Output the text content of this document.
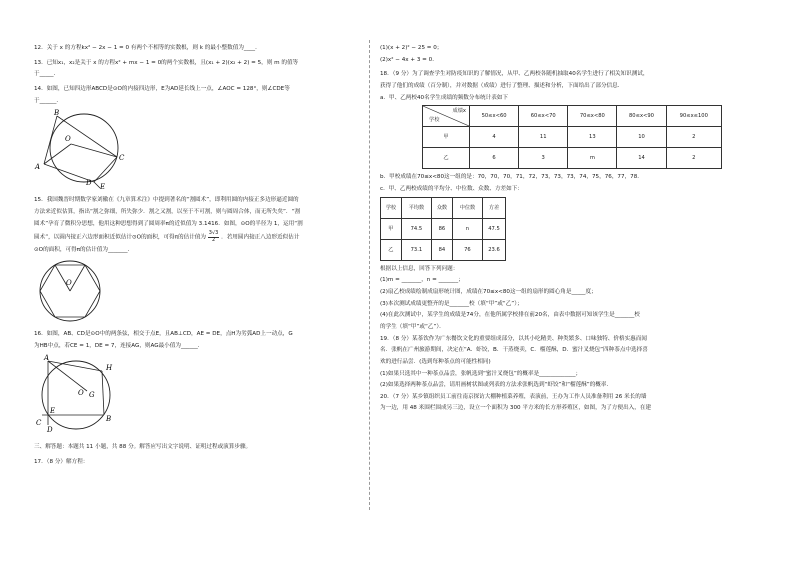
12．关于 x 的方程kx² − 2x − 1 = 0 有两个不相等的实数根，则 k 的最小整数值为____．

13．已知x₁，x₂是关于 x 的方程x² + mx − 1 = 0的两个实数根，且(x₁ + 2)(x₂ + 2) = 5，则 m 的值等

于_____．

14．如图，已知四边形ABCD是⊙O的内接四边形，E为AD延长线上一点，∠AOC = 128°，则∠CDE等

于______．

B
O
A
C
D E

15．我国魏晋时期数学家刘徽在《九章算术注》中提到著名的“割圆术”，即利用圆的内接正多边形逼近圆的

方法来近似估算，指出“割之弥细，所失弥少．割之又割，以至于不可割，则与圆周合体，而无所失矣”．“割

圆术”孕育了微积分思想，他用这种思想得到了圆周率π的近似值为 3.1416．如图，⊙O的半径为 1，运用“割

圆术”，以圆内接正六边形面积近似估计⊙O的面积，可得π的估计值为 $\frac{3√3}{2}$ ．若用圆内接正八边形近似估计

⊙O的面积，可得π的估计值为_______．

O

16．如图，AB、CD是⊙O中的两条弦，相交于点E，且AB⊥CD，AE = DE，点H为劣弧AD上一动点，G

为HB中点，若CE = 1，DE = 7，连接AG，则AG最小值为______．

A
H
O G
E
C	B
D

三、解答题：本题共 11 小题，共 88 分。解答应写出文字说明、证明过程或演算步骤。

17．（8 分）解方程：

(1)(x + 2)² − 25 = 0；

(2)x² − 4x + 3 = 0．

18．（9 分）为了调查学生对防疫知识的了解情况，从甲、乙两校各随机抽取40名学生进行了相关知识测试，

获得了他们的成绩（百分制），并对数据（成绩）进行了整理、描述和分析，下面给出了部分信息．

a．甲、乙两校40名学生成绩的频数分布统计表如下

成绩x
学校	50≤x<60	60≤x<70	70≤x<80	80≤x<90	90≤x≤100
甲	4	11	13	10	2
乙	6	3	m	14	2

b．甲校成绩在70≤x<80这一组的是：70，70，70，71，72，73，73，73，74，75，76，77，78．

c．甲、乙两校成绩的平均分、中位数、众数、方差如下：

学校	平均数	众数	中位数	方差
甲	74.5	86	n	47.5
乙	73.1	84	76	23.6

根据以上信息，回答下列问题：

(1)m = _______，n = _______；

(2)扇乙校成绩绘制成扇形统计图，成绩在70≤x<80这一组的扇形的圆心角是_____度；

(3)本次测试成绩更整齐的是_______校（填“甲”或“乙”）；

(4)在此次测试中，某学生的成绩是74分，在他所属学校排在前20名，由表中数据可知该学生是_______校

的学生（填“甲”或“乙”）．

19．（8 分）某茶饮作为广东餐饮文化的重要组成部分，以其小吃精美、种类繁多、口味独特、价格实惠而闻

名．张帆在广州旅游期间，决定在“A．虾饺，B．干蒸烧卖，C．榴莲酥，D．蜜汁叉烧包”四种茶点中选择喜

欢的进行品尝．(选到每种茶点的可能性相同)

(1)如果只选其中一种茶点品尝，张帆选到“蜜汁叉烧包”的概率是_____________；

(2)如果选择两种茶点品尝，请用画树状图或列表的方法求张帆选到“虾饺”和“榴莲酥”的概率．

20．（7 分）某乡镇组织员工前往南京探访大棚种植菜养殖，表演前，王办为工作人员准备利用 26 米长的墙

为一边，用 48 米围栏围成另三边，设立一个面积为 300 平方米的长方形养殖区，如图，为了方便出入，在建
